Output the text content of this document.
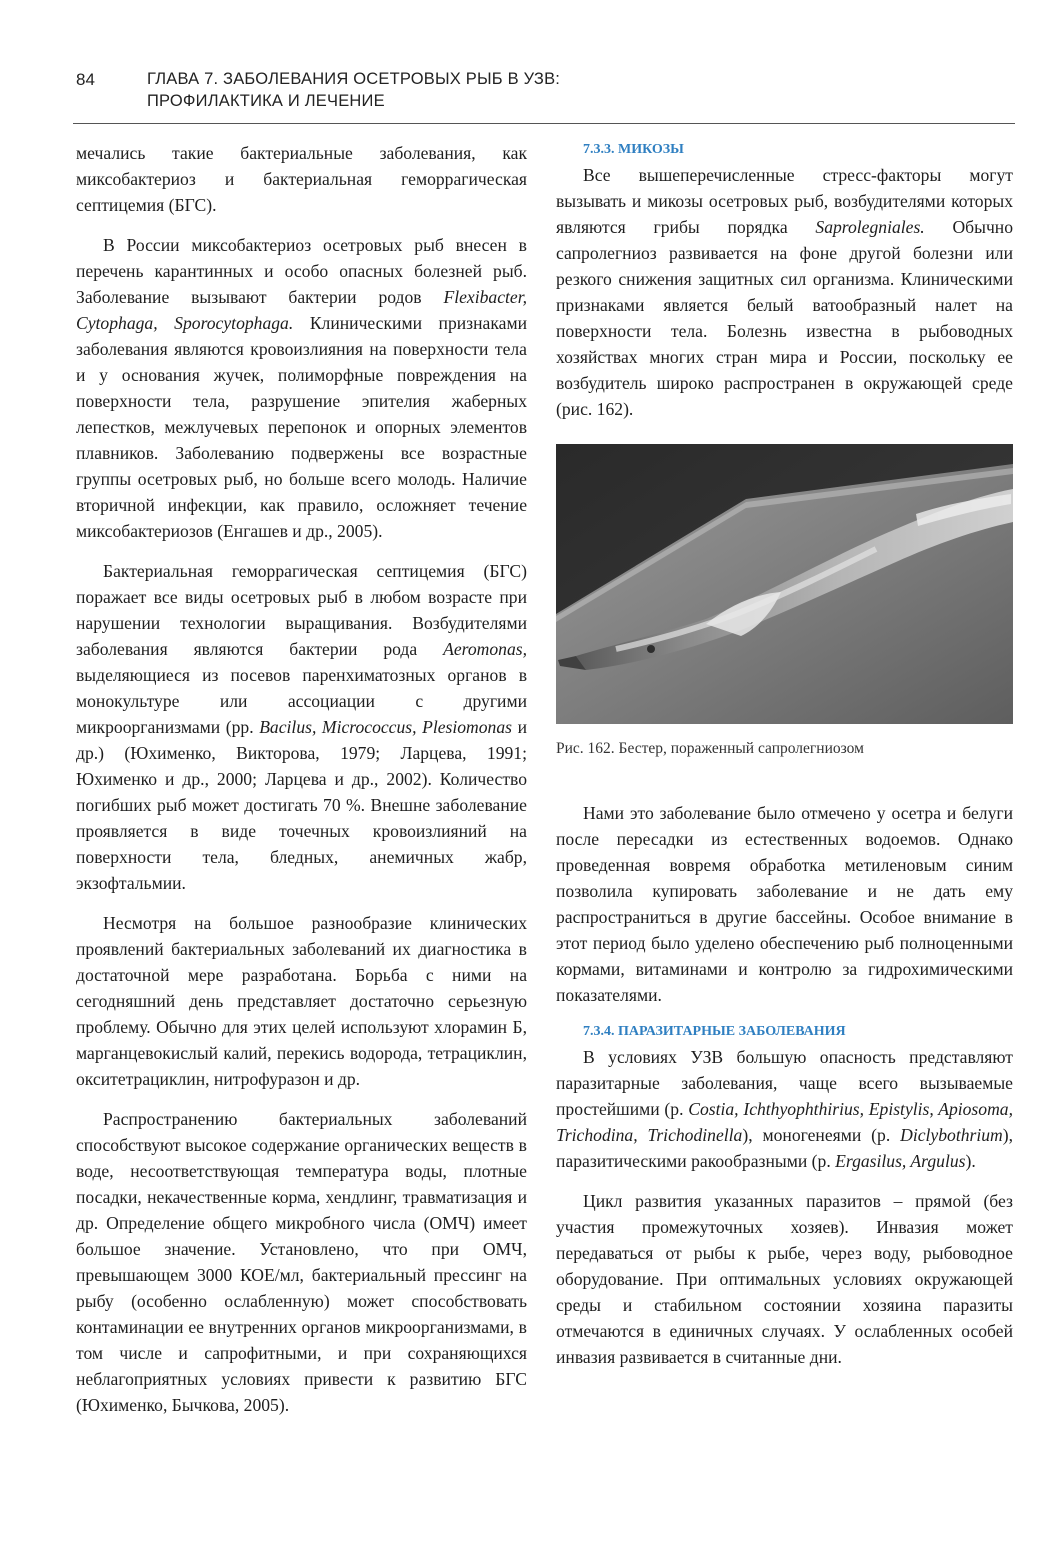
84	ГЛАВА 7. ЗАБОЛЕВАНИЯ ОСЕТРОВЫХ РЫБ В УЗВ:
ПРОФИЛАКТИКА И ЛЕЧЕНИЕ

мечались такие бактериальные заболевания, как миксобактериоз и бактериальная геморрагическая септицемия (БГС).

В России миксобактериоз осетровых рыб внесен в перечень карантинных и особо опасных болезней рыб. Заболевание вызывают бактерии родов Flexibacter, Cytophaga, Sporocytophaga. Клиническими признаками заболевания являются кровоизлияния на поверхности тела и у основания жучек, полиморфные повреждения на поверхности тела, разрушение эпителия жаберных лепестков, межлучевых перепонок и опорных элементов плавников. Заболеванию подвержены все возрастные группы осетровых рыб, но больше всего молодь. Наличие вторичной инфекции, как правило, осложняет течение миксобактериозов (Енгашев и др., 2005).

Бактериальная геморрагическая септицемия (БГС) поражает все виды осетровых рыб в любом возрасте при нарушении технологии выращивания. Возбудителями заболевания являются бактерии рода Aeromonas, выделяющиеся из посевов паренхиматозных органов в монокультуре или ассоциации с другими микроорганизмами (рр. Bacilus, Micrococcus, Plesiomonas и др.) (Юхименко, Викторова, 1979; Ларцева, 1991; Юхименко и др., 2000; Ларцева и др., 2002). Количество погибших рыб может достигать 70 %. Внешне заболевание проявляется в виде точечных кровоизлияний на поверхности тела, бледных, анемичных жабр, экзофтальмии.

Несмотря на большое разнообразие клинических проявлений бактериальных заболеваний их диагностика в достаточной мере разработана. Борьба с ними на сегодняшний день представляет достаточно серьезную проблему. Обычно для этих целей используют хлорамин Б, марганцевокислый калий, перекись водорода, тетрациклин, окситетрациклин, нитрофуразон и др.

Распространению бактериальных заболеваний способствуют высокое содержание органических веществ в воде, несоответствующая температура воды, плотные посадки, некачественные корма, хендлинг, травматизация и др. Определение общего микробного числа (ОМЧ) имеет большое значение. Установлено, что при ОМЧ, превышающем 3000 КОЕ/мл, бактериальный прессинг на рыбу (особенно ослабленную) может способствовать контаминации ее внутренних органов микроорганизмами, в том числе и сапрофитными, и при сохраняющихся неблагоприятных условиях привести к развитию БГС (Юхименко, Бычкова, 2005).

7.3.3. МИКОЗЫ

Все вышеперечисленные стресс-факторы могут вызывать и микозы осетровых рыб, возбудителями которых являются грибы порядка Saprolegniales. Обычно сапролегниоз развивается на фоне другой болезни или резкого снижения защитных сил организма. Клиническими признаками является белый ватообразный налет на поверхности тела. Болезнь известна в рыбоводных хозяйствах многих стран мира и России, поскольку ее возбудитель широко распространен в окружающей среде (рис. 162).

Рис. 162. Бестер, пораженный сапролегниозом

Нами это заболевание было отмечено у осетра и белуги после пересадки из естественных водоемов. Однако проведенная вовремя обработка метиленовым синим позволила купировать заболевание и не дать ему распространиться в другие бассейны. Особое внимание в этот период было уделено обеспечению рыб полноценными кормами, витаминами и контролю за гидрохимическими показателями.

7.3.4. ПАРАЗИТАРНЫЕ ЗАБОЛЕВАНИЯ

В условиях УЗВ большую опасность представляют паразитарные заболевания, чаще всего вызываемые простейшими (р. Costia, Ichthyophthirius, Epistylis, Apiosoma, Trichodina, Trichodinella), моногенеями (р. Diclybothrium), паразитическими ракообразными (р. Ergasilus, Argulus).

Цикл развития указанных паразитов – прямой (без участия промежуточных хозяев). Инвазия может передаваться от рыбы к рыбе, через воду, рыбоводное оборудование. При оптимальных условиях окружающей среды и стабильном состоянии хозяина паразиты отмечаются в единичных случаях. У ослабленных особей инвазия развивается в считанные дни.
